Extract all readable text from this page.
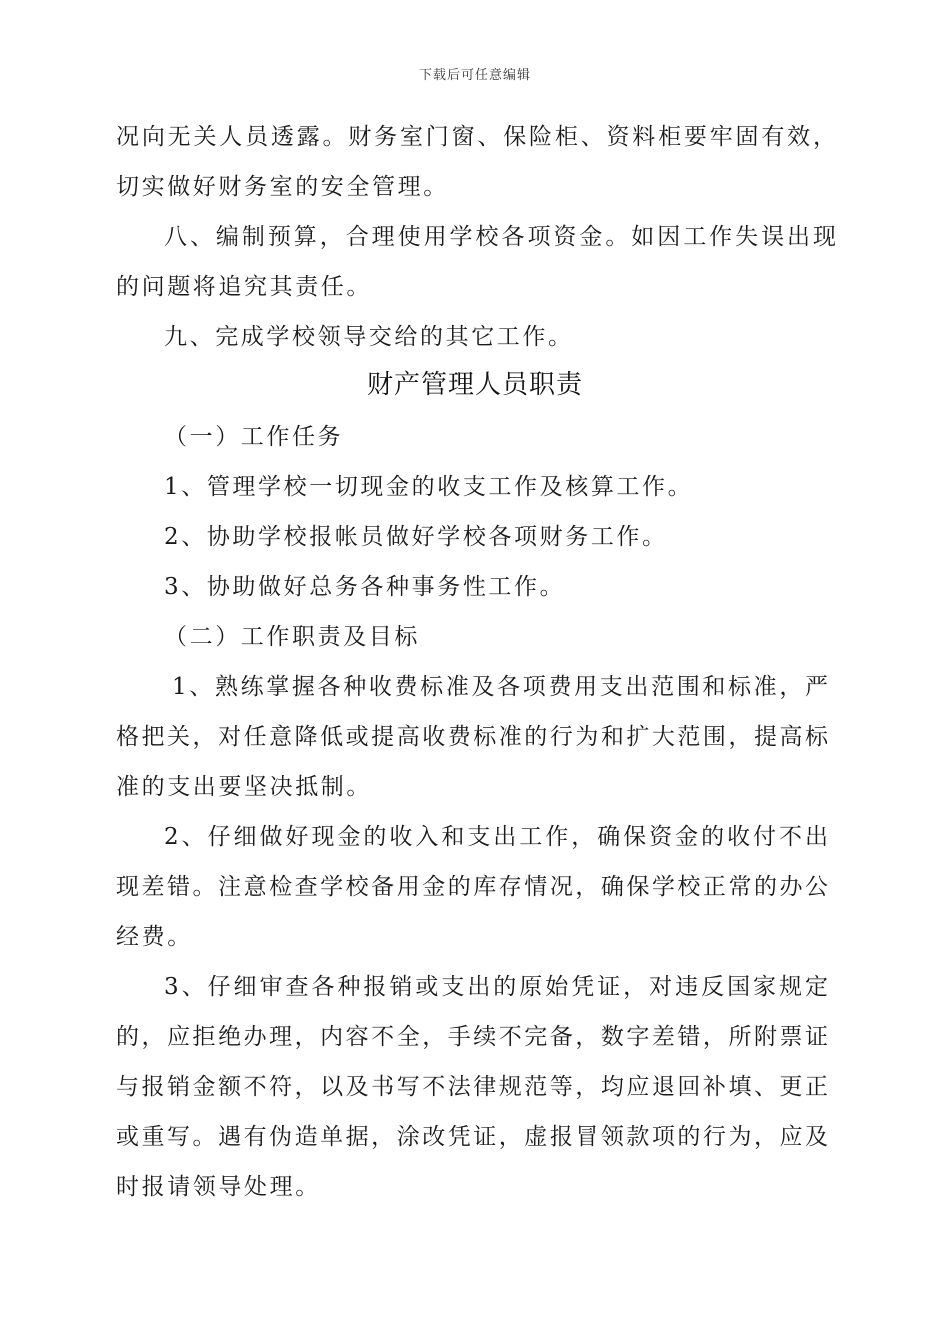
下载后可任意编辑
况向无关人员透露。财务室门窗、保险柜、资料柜要牢固有效，
切实做好财务室的安全管理。
八、编制预算，合理使用学校各项资金。如因工作失误出现
的问题将追究其责任。
九、完成学校领导交给的其它工作。
财产管理人员职责
（一）工作任务
1、管理学校一切现金的收支工作及核算工作。
2、协助学校报帐员做好学校各项财务工作。
3、协助做好总务各种事务性工作。
（二）工作职责及目标
1、熟练掌握各种收费标准及各项费用支出范围和标准，严
格把关，对任意降低或提高收费标准的行为和扩大范围，提高标
准的支出要坚决抵制。
2、仔细做好现金的收入和支出工作，确保资金的收付不出
现差错。注意检查学校备用金的库存情况，确保学校正常的办公
经费。
3、仔细审查各种报销或支出的原始凭证，对违反国家规定
的，应拒绝办理，内容不全，手续不完备，数字差错，所附票证
与报销金额不符，以及书写不法律规范等，均应退回补填、更正
或重写。遇有伪造单据，涂改凭证，虚报冒领款项的行为，应及
时报请领导处理。
